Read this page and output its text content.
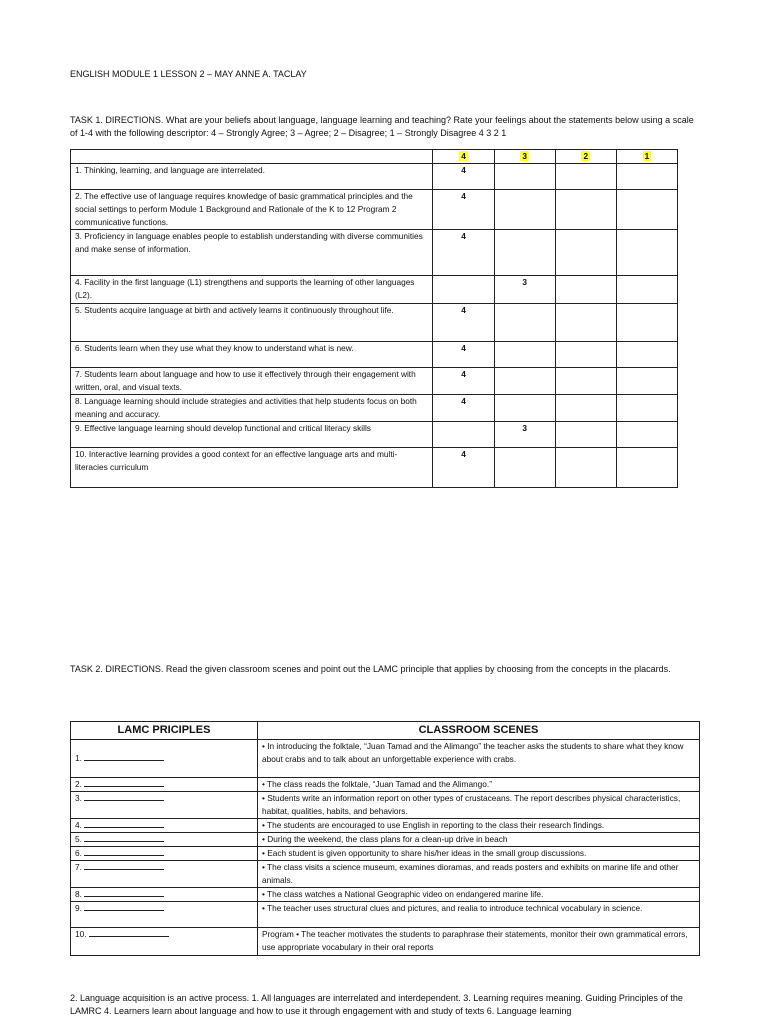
ENGLISH MODULE 1 LESSON 2 – MAY ANNE A. TACLAY

TASK 1. DIRECTIONS. What are your beliefs about language, language learning and teaching? Rate your feelings about the statements below using a scale of 1-4 with the following descriptor: 4 – Strongly Agree; 3 – Agree; 2 – Disagree; 1 – Strongly Disagree 4 3 2 1

	4	3	2	1
1. Thinking, learning, and language are interrelated.	4			
2. The effective use of language requires knowledge of basic grammatical principles and the social settings to perform Module 1 Background and Rationale of the K to 12 Program 2 communicative functions.	4			
3. Proficiency in language enables people to establish understanding with diverse communities and make sense of information.	4			
4. Facility in the first language (L1) strengthens and supports the learning of other languages (L2).		3		
5. Students acquire language at birth and actively learns it continuously throughout life.	4			
6. Students learn when they use what they know to understand what is new.	4			
7. Students learn about language and how to use it effectively through their engagement with written, oral, and visual texts.	4			
8. Language learning should include strategies and activities that help students focus on both meaning and accuracy.	4			
9. Effective language learning should develop functional and critical literacy skills		3		
10. Interactive learning provides a good context for an effective language arts and multi-literacies curriculum	4			

TASK 2. DIRECTIONS. Read the given classroom scenes and point out the LAMC principle that applies by choosing from the concepts in the placards.

LAMC PRICIPLES	CLASSROOM SCENES
1.	• In introducing the folktale, “Juan Tamad and the Alimango” the teacher asks the students to share what they know about crabs and to talk about an unforgettable experience with crabs.
2.	• The class reads the folktale, “Juan Tamad and the Alimango.”
3.	• Students write an information report on other types of crustaceans. The report describes physical characteristics, habitat, qualities, habits, and behaviors.
4.	• The students are encouraged to use English in reporting to the class their research findings.
5.	• During the weekend, the class plans for a clean-up drive in beach
6.	• Each student is given opportunity to share his/her ideas in the small group discussions.
7.	• The class visits a science museum, examines dioramas, and reads posters and exhibits on marine life and other animals.
8.	• The class watches a National Geographic video on endangered marine life.
9.	• The teacher uses structural clues and pictures, and realia to introduce technical vocabulary in science.
10.	Program • The teacher motivates the students to paraphrase their statements, monitor their own grammatical errors, use appropriate vocabulary in their oral reports

2. Language acquisition is an active process. 1. All languages are interrelated and interdependent. 3. Learning requires meaning. Guiding Principles of the LAMRC 4. Learners learn about language and how to use it through engagement with and study of texts 6. Language learning
